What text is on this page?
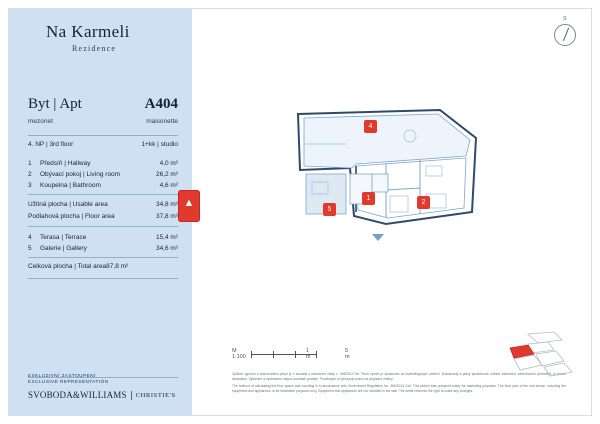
Na Karmeli
Rezidence
Byt | Apt	A404
mezonet	maisonette
4. NP | 3rd floor	1+kk | studio
1	Předsíň | Hallway	4,0 m²
2	Obývací pokoj | Living room	26,2 m²
3	Koupelna | Bathroom	4,6 m²
Užitná plocha | Usable area	34,8 m²
Podlahová plocha | Floor area	37,8 m²
4	Terasa | Terrace	15,4 m²
5	Galerie | Gallery	34,6 m²
Celková plocha | Total area 87,8 m²
EXKLUZIVNÍ ZASTOUPENÍ
EXCLUSIVE REPRESENTATION
SVOBODA&WILLIAMS CHRISTIE'S
▲
S
4
1
2
5
M 1:100
1 m
5 m

Způsob výpočtu a zaokrouhlení ploch je v souladu s nařízením vlády č. 366/2013 Sb. Tento výměr je zpracován za marketingovým účelem. Dokumenty a plány společnosti, včetně zakreslení zařizovacích předmětů, je pouze ilustrativní. Vybavení a vyobrazení nejsou součástí prodeje. Prodávající si vyhrazuje právo na případné změny.

The method of calculating the floor space and rounding is in accordance with Government Regulation No. 366/2013 Coll. This sketch was prepared solely for marketing purposes. The floor plan of the unit shown, including the equipment and appliances, is for illustrative purposes only. Equipment and appliances are not included in the sale. The seller reserves the right to make any changes.
